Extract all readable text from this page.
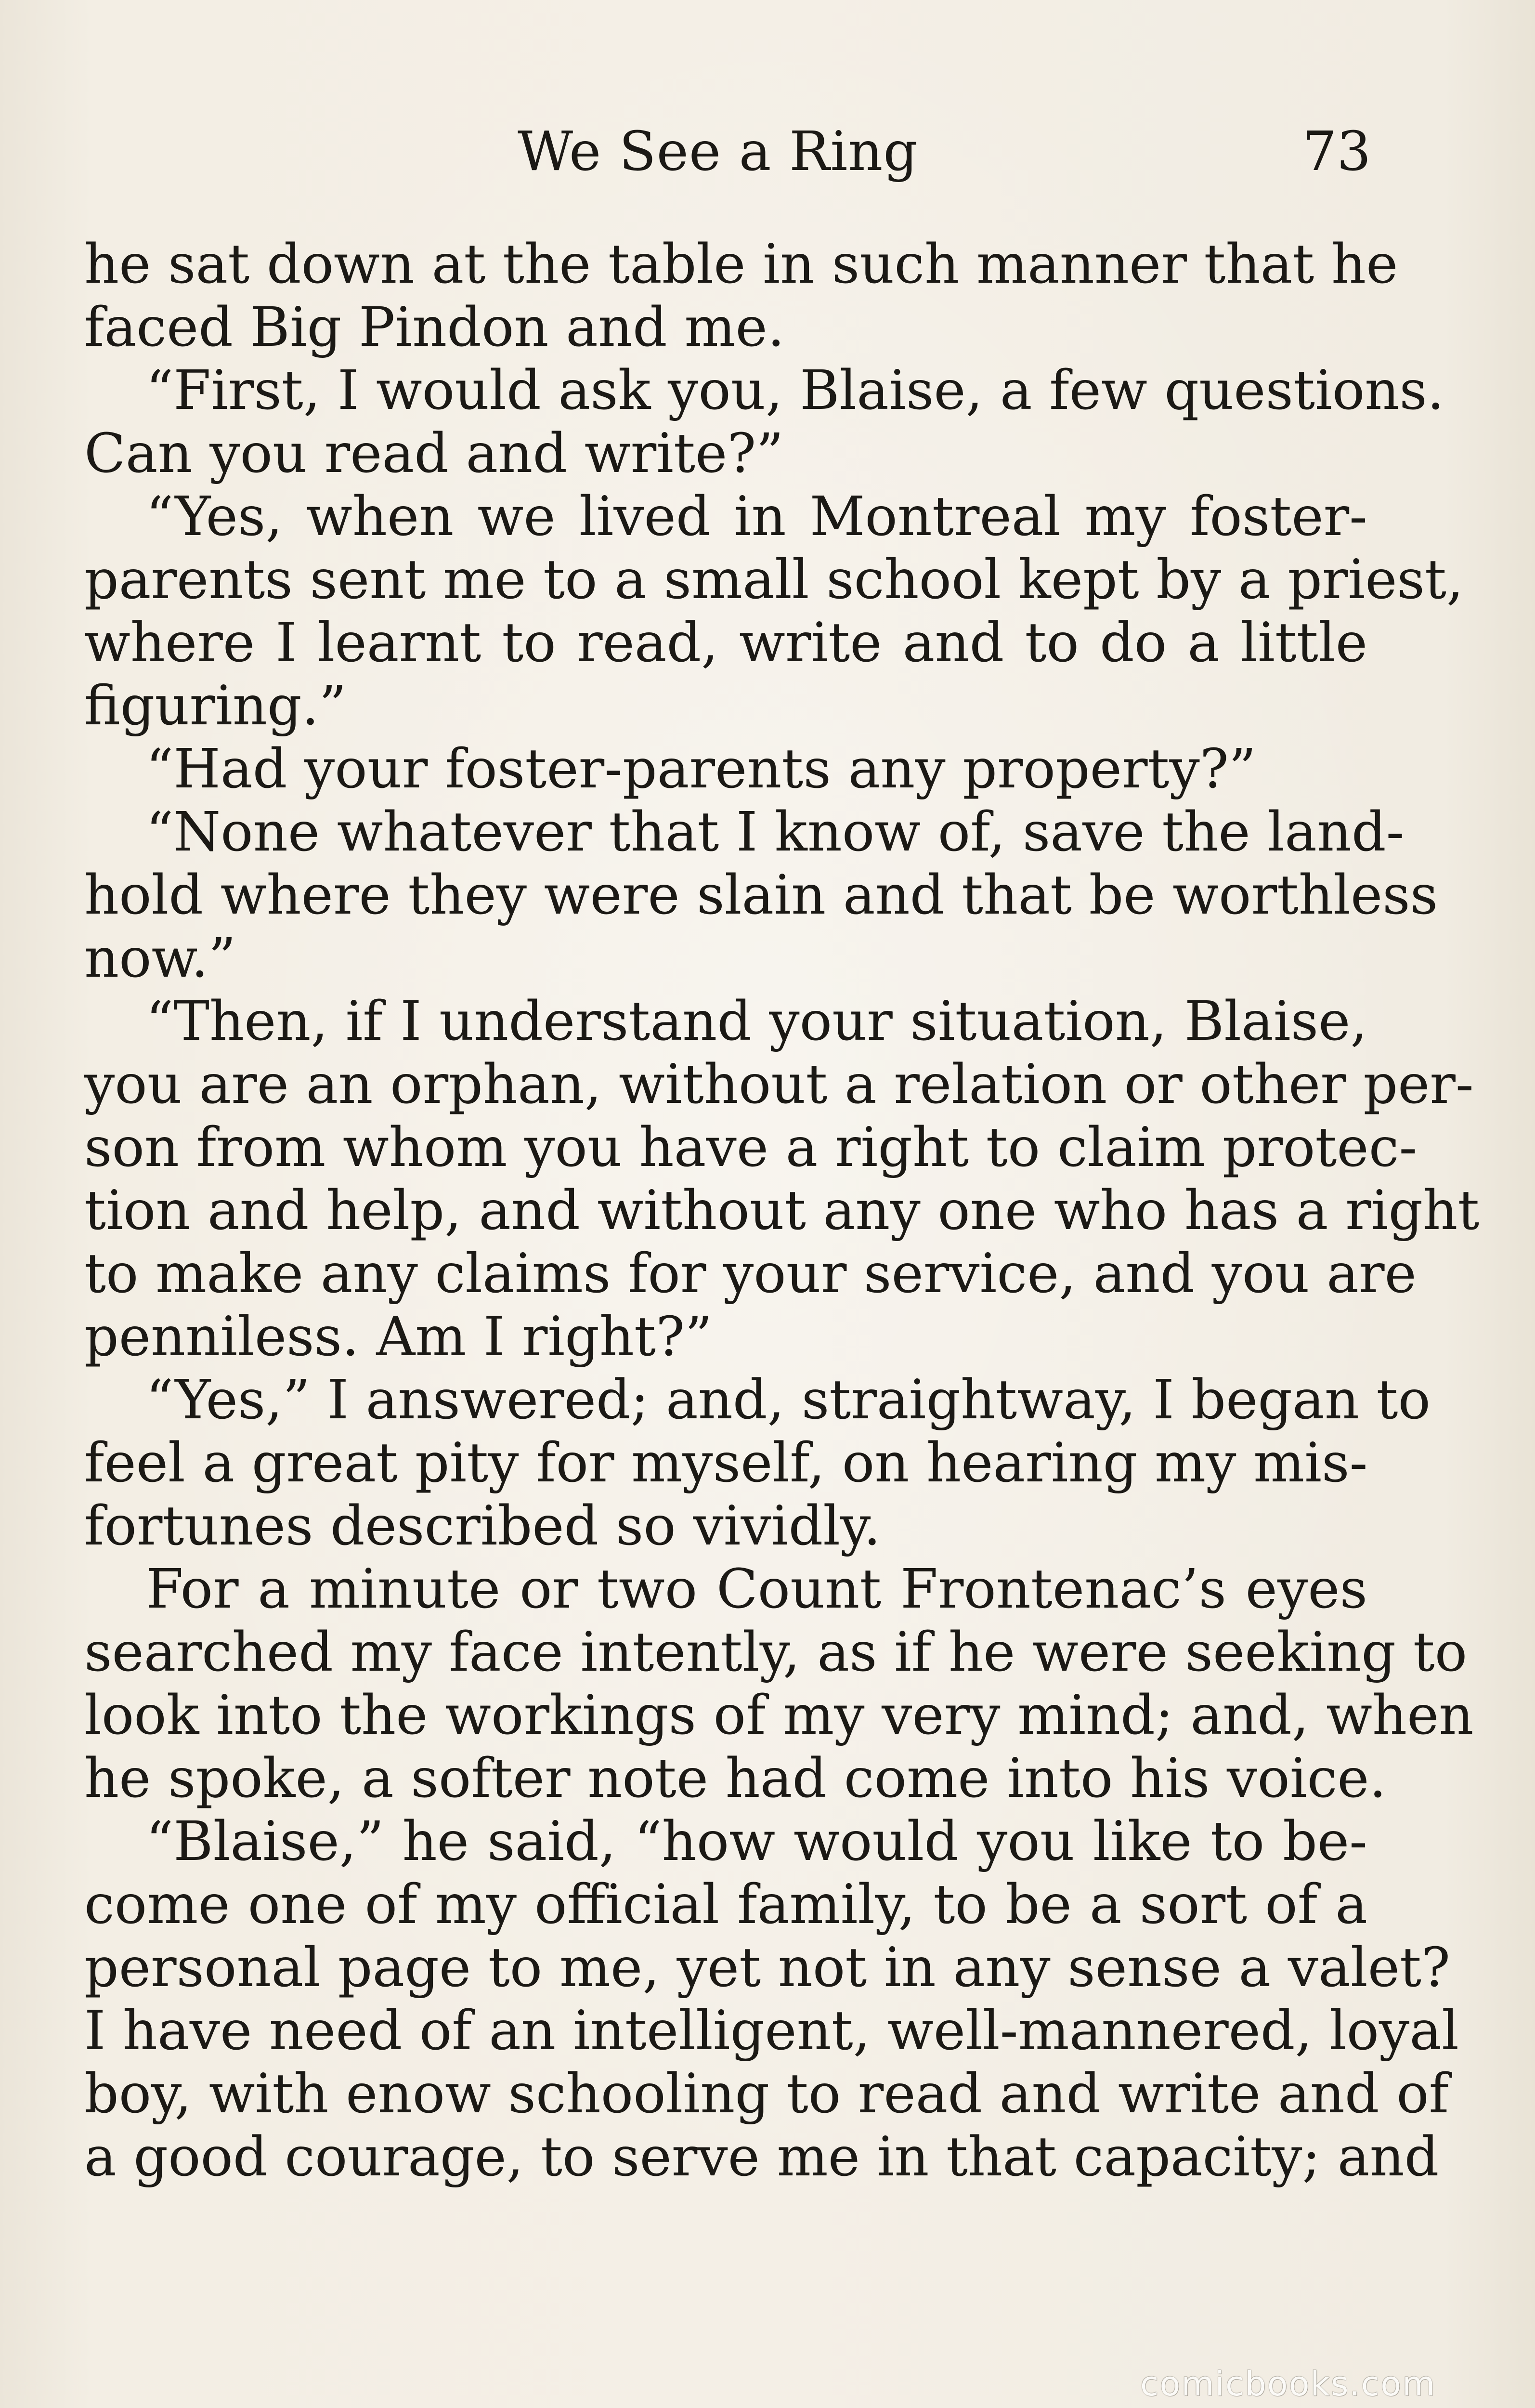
We See a Ring	73
he sat down at the table in such manner that he
faced Big Pindon and me.
“First, I would ask you, Blaise, a few questions.
Can you read and write?”
“Yes, when we lived in Montreal my foster-
parents sent me to a small school kept by a priest,
where I learnt to read, write and to do a little
figuring.”
“Had your foster-parents any property?”
“None whatever that I know of, save the land-
hold where they were slain and that be worthless
now.”
“Then, if I understand your situation, Blaise,
you are an orphan, without a relation or other per-
son from whom you have a right to claim protec-
tion and help, and without any one who has a right
to make any claims for your service, and you are
penniless. Am I right?”
“Yes,” I answered; and, straightway, I began to
feel a great pity for myself, on hearing my mis-
fortunes described so vividly.
For a minute or two Count Frontenac’s eyes
searched my face intently, as if he were seeking to
look into the workings of my very mind; and, when
he spoke, a softer note had come into his voice.
“Blaise,” he said, “how would you like to be-
come one of my official family, to be a sort of a
personal page to me, yet not in any sense a valet?
I have need of an intelligent, well-mannered, loyal
boy, with enow schooling to read and write and of
a good courage, to serve me in that capacity; and
comicbooks.com
